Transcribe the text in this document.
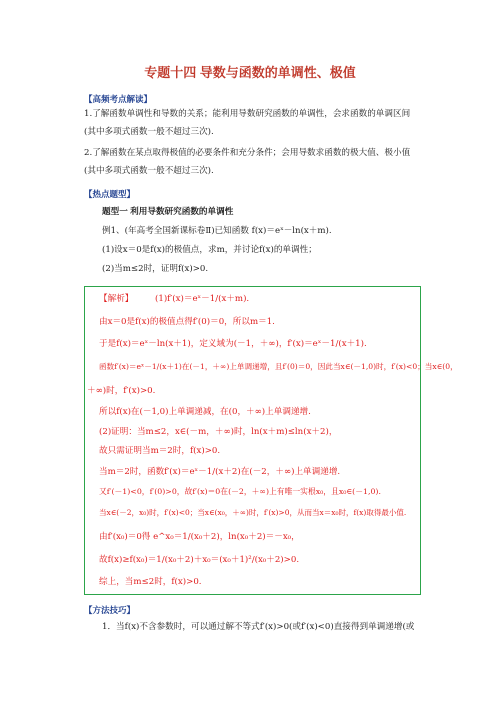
专题十四 导数与函数的单调性、极值
【高频考点解读】
1.了解函数单调性和导数的关系；能利用导数研究函数的单调性，会求函数的单调区间
(其中多项式函数一般不超过三次).
2.了解函数在某点取得极值的必要条件和充分条件；会用导数求函数的极大值、极小值
(其中多项式函数一般不超过三次).
【热点题型】
题型一 利用导数研究函数的单调性
例1、(年高考全国新课标卷Ⅱ)已知函数 f(x)＝eˣ－ln(x＋m).
(1)设x＝0是f(x)的极值点，求m，并讨论f(x)的单调性；
(2)当m≤2时，证明f(x)>0.
【解析】	(1)f′(x)＝eˣ－1/(x＋m).
由x＝0是f(x)的极值点得f′(0)＝0，所以m＝1.
于是f(x)＝eˣ－ln(x＋1)，定义域为(－1，＋∞)，f′(x)＝eˣ－1/(x＋1).
函数f′(x)＝eˣ－1/(x＋1)在(－1，＋∞)上单调递增，且f′(0)＝0，因此当x∈(－1,0)时，f′(x)<0；当x∈(0，
＋∞)时，f′(x)>0.
所以f(x)在(－1,0)上单调递减，在(0，＋∞)上单调递增.
(2)证明：当m≤2，x∈(－m，＋∞)时，ln(x＋m)≤ln(x＋2)，
故只需证明当m＝2时，f(x)>0.
当m＝2时，函数f′(x)＝eˣ－1/(x＋2)在(－2，＋∞)上单调递增.
又f′(－1)<0，f′(0)>0，故f′(x)＝0在(－2，＋∞)上有唯一实根x₀，且x₀∈(－1,0).
当x∈(－2，x₀)时，f′(x)<0；当x∈(x₀，＋∞)时，f′(x)>0，从而当x＝x₀时，f(x)取得最小值.
由f′(x₀)＝0得 e^x₀＝1/(x₀＋2)，ln(x₀＋2)＝－x₀，
故f(x)≥f(x₀)＝1/(x₀＋2)＋x₀＝(x₀＋1)²/(x₀＋2)>0.
综上，当m≤2时，f(x)>0.
【方法技巧】
1．当f(x)不含参数时，可以通过解不等式f′(x)>0(或f′(x)<0)直接得到单调递增(或
